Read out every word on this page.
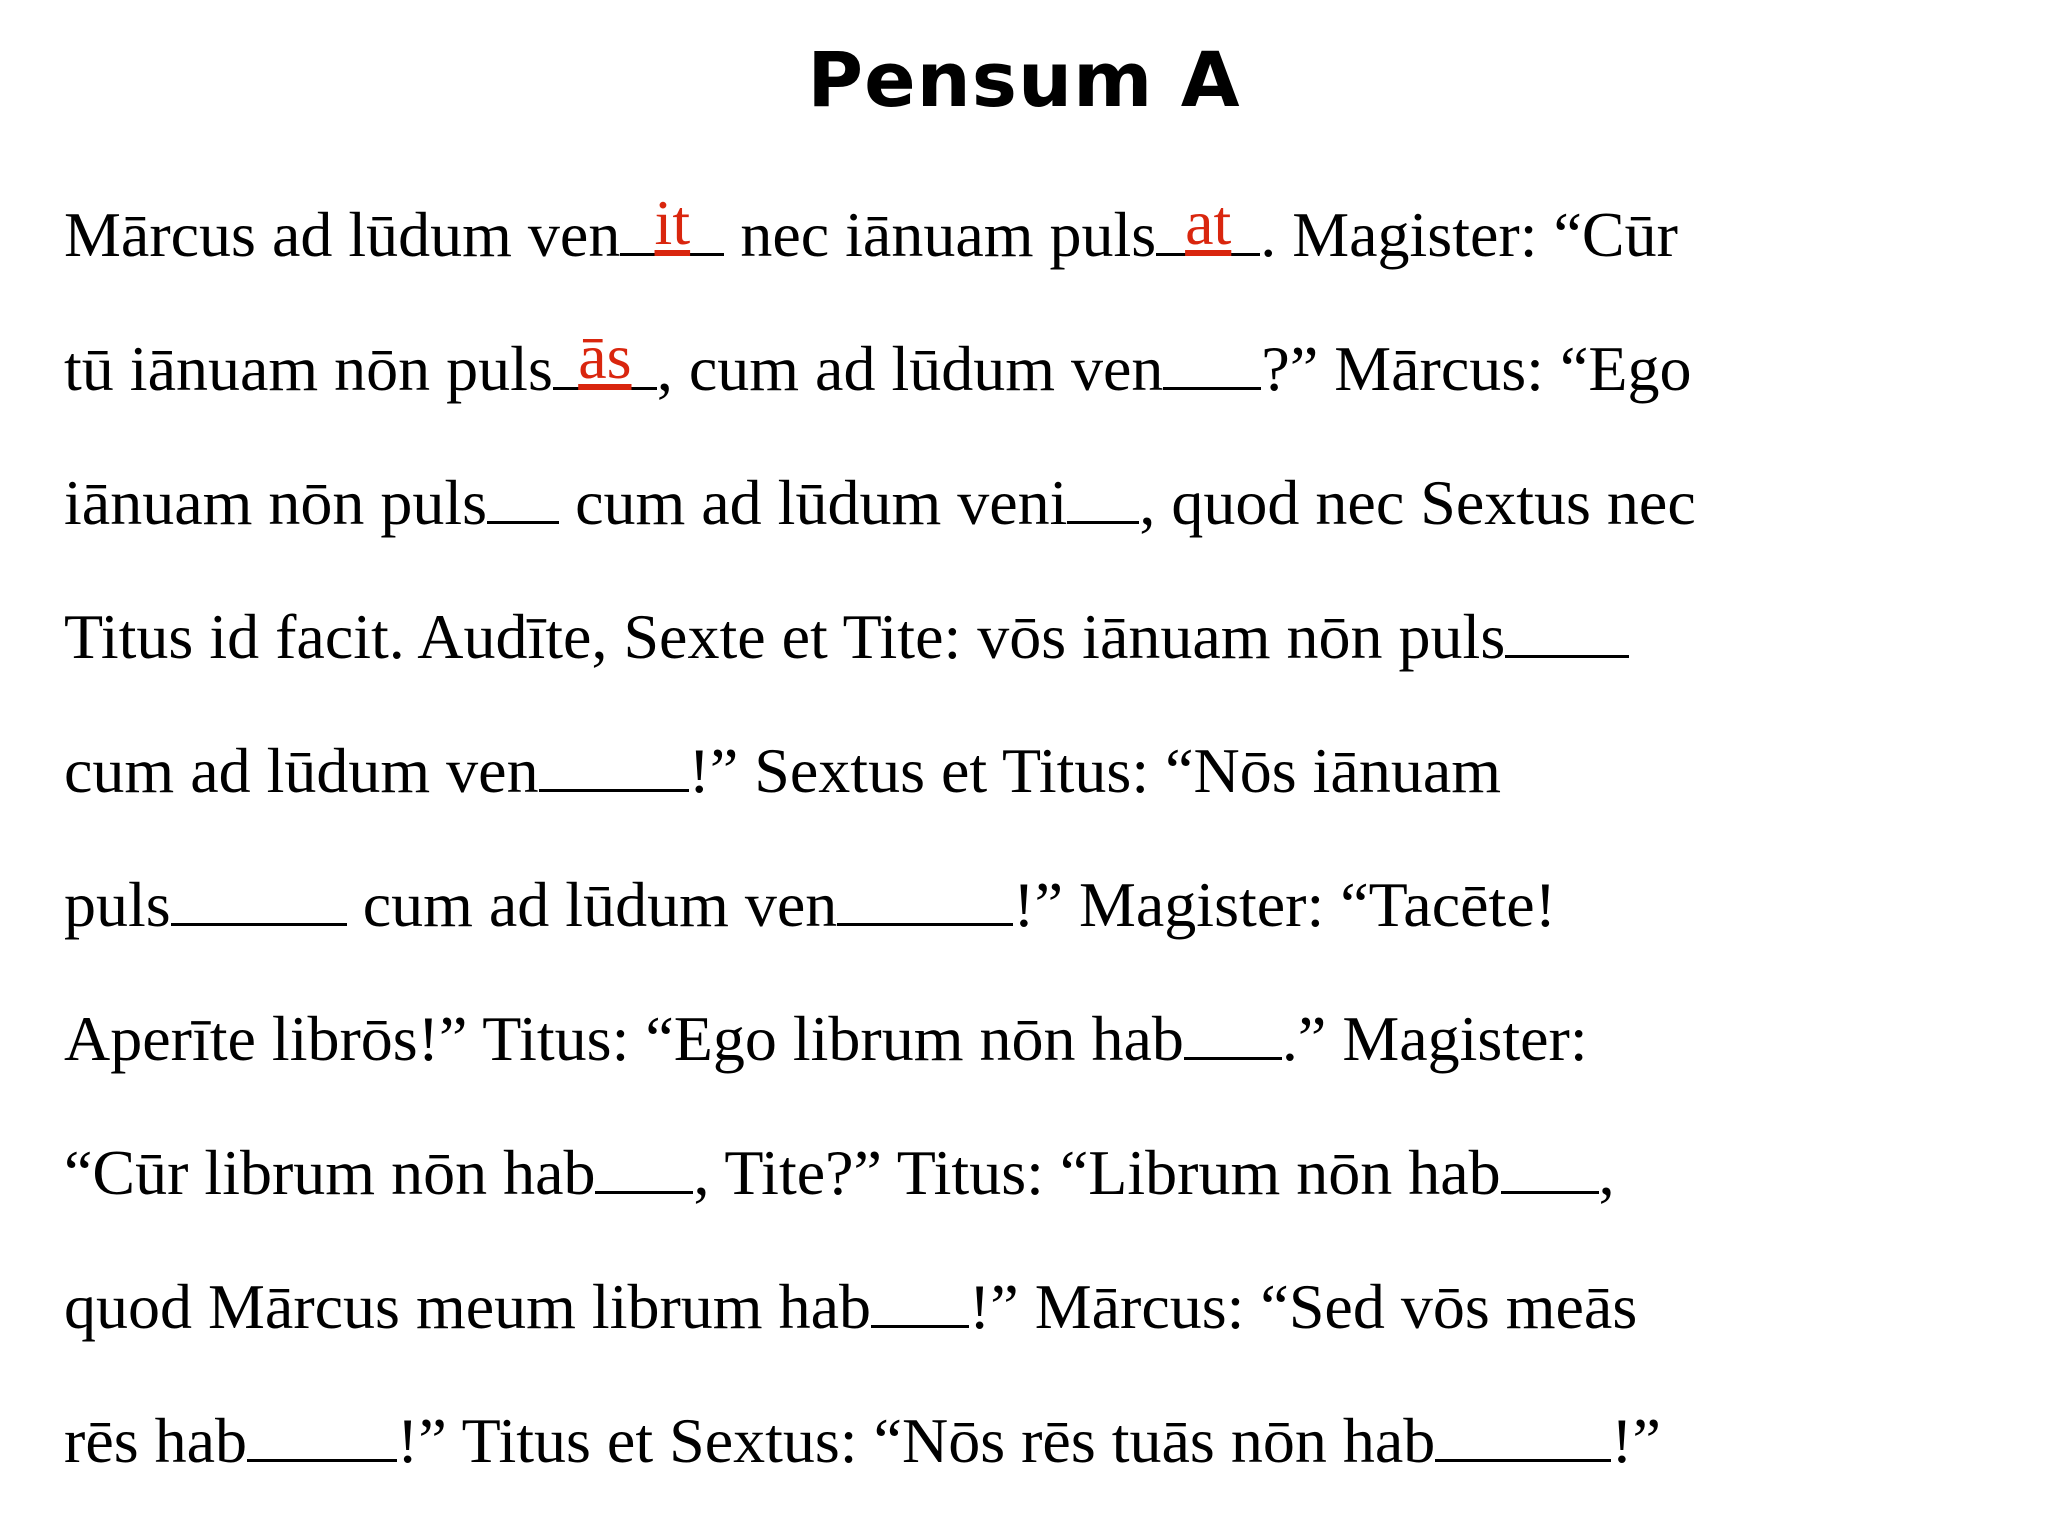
Pensum A
Mārcus ad lūdum ven it nec iānuam puls at . Magister: “Cūr
tū iānuam nōn puls ās , cum ad lūdum ven ?” Mārcus: “Ego
iānuam nōn puls cum ad lūdum veni , quod nec Sextus nec
Titus id facit. Audīte, Sexte et Tite: vōs iānuam nōn puls
cum ad lūdum ven !” Sextus et Titus: “Nōs iānuam
puls	cum ad lūdum ven	!” Magister: “Tacēte!
Aperīte librōs!” Titus: “Ego librum nōn hab .” Magister:
“Cūr librum nōn hab , Tite?” Titus: “Librum nōn hab ,
quod Mārcus meum librum hab !” Mārcus: “Sed vōs meās
rēs hab !” Titus et Sextus: “Nōs rēs tuās nōn hab	!”
